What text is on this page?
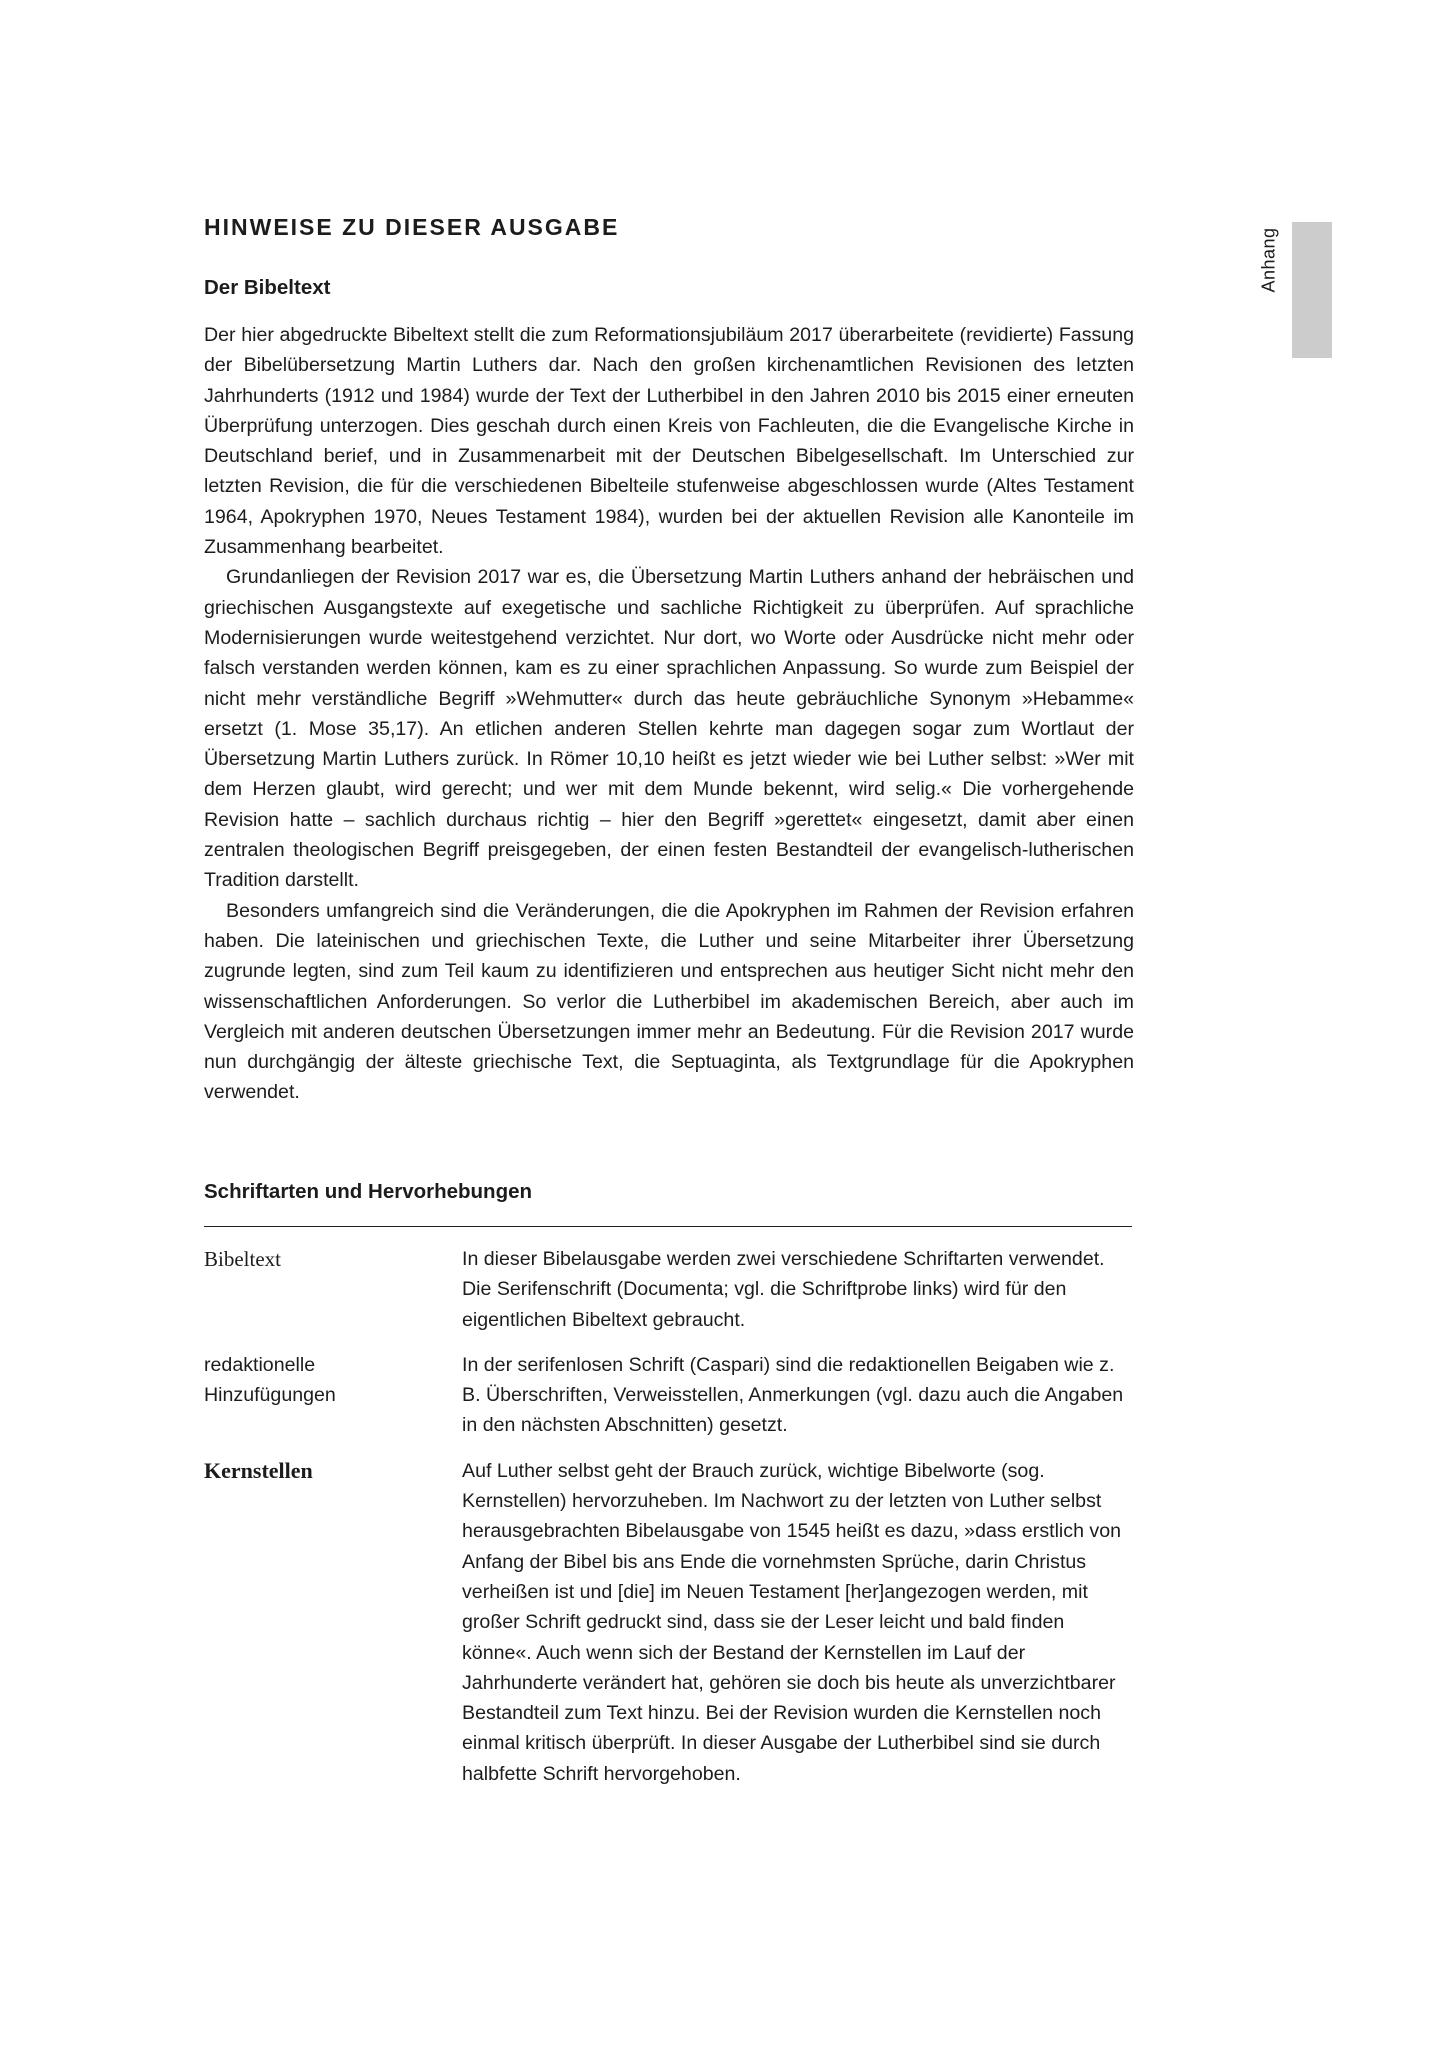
Anhang
HINWEISE ZU DIESER AUSGABE
Der Bibeltext

Der hier abgedruckte Bibeltext stellt die zum Reformationsjubiläum 2017 überarbeitete (revidierte) Fassung der Bibelübersetzung Martin Luthers dar. Nach den großen kirchenamtlichen Revisionen des letzten Jahrhunderts (1912 und 1984) wurde der Text der Lutherbibel in den Jahren 2010 bis 2015 einer erneuten Überprüfung unterzogen. Dies geschah durch einen Kreis von Fachleuten, die die Evangelische Kirche in Deutschland berief, und in Zusammenarbeit mit der Deutschen Bibelgesellschaft. Im Unterschied zur letzten Revision, die für die verschiedenen Bibelteile stufenweise abgeschlossen wurde (Altes Testament 1964, Apokryphen 1970, Neues Testament 1984), wurden bei der aktuellen Revision alle Kanonteile im Zusammenhang bearbeitet.

Grundanliegen der Revision 2017 war es, die Übersetzung Martin Luthers anhand der hebräischen und griechischen Ausgangstexte auf exegetische und sachliche Richtigkeit zu überprüfen. Auf sprachliche Modernisierungen wurde weitestgehend verzichtet. Nur dort, wo Worte oder Ausdrücke nicht mehr oder falsch verstanden werden können, kam es zu einer sprachlichen Anpassung. So wurde zum Beispiel der nicht mehr verständliche Begriff »Wehmutter« durch das heute gebräuchliche Synonym »Hebamme« ersetzt (1. Mose 35,17). An etlichen anderen Stellen kehrte man dagegen sogar zum Wortlaut der Übersetzung Martin Luthers zurück. In Römer 10,10 heißt es jetzt wieder wie bei Luther selbst: »Wer mit dem Herzen glaubt, wird gerecht; und wer mit dem Munde bekennt, wird selig.« Die vorhergehende Revision hatte – sachlich durchaus richtig – hier den Begriff »gerettet« eingesetzt, damit aber einen zentralen theologischen Begriff preisgegeben, der einen festen Bestandteil der evangelisch-lutherischen Tradition darstellt.

Besonders umfangreich sind die Veränderungen, die die Apokryphen im Rahmen der Revision erfahren haben. Die lateinischen und griechischen Texte, die Luther und seine Mitarbeiter ihrer Übersetzung zugrunde legten, sind zum Teil kaum zu identifizieren und entsprechen aus heutiger Sicht nicht mehr den wissenschaftlichen Anforderungen. So verlor die Lutherbibel im akademischen Bereich, aber auch im Vergleich mit anderen deutschen Übersetzungen immer mehr an Bedeutung. Für die Revision 2017 wurde nun durchgängig der älteste griechische Text, die Septuaginta, als Textgrundlage für die Apokryphen verwendet.

Schriftarten und Hervorhebungen
Bibeltext	In dieser Bibelausgabe werden zwei verschiedene Schriftarten verwendet. Die Serifenschrift (Documenta; vgl. die Schriftprobe links) wird für den eigentlichen Bibeltext gebraucht.
redaktionelle
Hinzufügungen
In der serifenlosen Schrift (Caspari) sind die redaktionellen Beigaben wie z. B. Überschriften, Verweisstellen, Anmerkungen (vgl. dazu auch die Angaben in den nächsten Abschnitten) gesetzt.
Kernstellen	Auf Luther selbst geht der Brauch zurück, wichtige Bibelworte (sog. Kernstellen) hervorzuheben. Im Nachwort zu der letzten von Luther selbst herausgebrachten Bibelausgabe von 1545 heißt es dazu, »dass erstlich von Anfang der Bibel bis ans Ende die vornehmsten Sprüche, darin Christus verheißen ist und [die] im Neuen Testament [her]angezogen werden, mit großer Schrift gedruckt sind, dass sie der Leser leicht und bald finden könne«. Auch wenn sich der Bestand der Kernstellen im Lauf der Jahrhunderte verändert hat, gehören sie doch bis heute als unverzichtbarer Bestandteil zum Text hinzu. Bei der Revision wurden die Kernstellen noch einmal kritisch überprüft. In dieser Ausgabe der Lutherbibel sind sie durch halbfette Schrift hervorgehoben.
